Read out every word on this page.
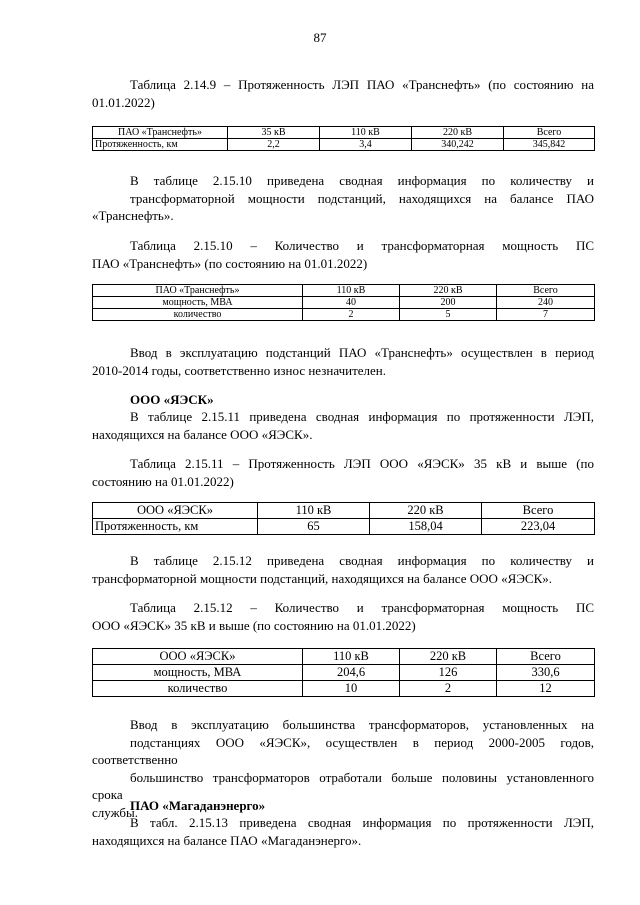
87
Таблица 2.14.9 – Протяженность ЛЭП ПАО «Транснефть» (по состоянию на
01.01.2022)
ПАО «Транснефть»	35 кВ	110 кВ	220 кВ	Всего
Протяженность, км	2,2	3,4	340,242	345,842
В таблице 2.15.10 приведена сводная информация по количеству и
трансформаторной мощности подстанций, находящихся на балансе ПАО
«Транснефть».
Таблица 2.15.10 – Количество и трансформаторная мощность ПС
ПАО «Транснефть» (по состоянию на 01.01.2022)
ПАО «Транснефть»	110 кВ	220 кВ	Всего
мощность, МВА	40	200	240
количество	2	5	7
Ввод в эксплуатацию подстанций ПАО «Транснефть» осуществлен в период
2010-2014 годы, соответственно износ незначителен.
ООО «ЯЭСК»
В таблице 2.15.11 приведена сводная информация по протяженности ЛЭП,
находящихся на балансе ООО «ЯЭСК».
Таблица 2.15.11 – Протяженность ЛЭП ООО «ЯЭСК» 35 кВ и выше (по
состоянию на 01.01.2022)
ООО «ЯЭСК»	110 кВ	220 кВ	Всего
Протяженность, км	65	158,04	223,04
В таблице 2.15.12 приведена сводная информация по количеству и
трансформаторной мощности подстанций, находящихся на балансе ООО «ЯЭСК».
Таблица 2.15.12 – Количество и трансформаторная мощность ПС
ООО «ЯЭСК» 35 кВ и выше (по состоянию на 01.01.2022)
ООО «ЯЭСК»	110 кВ	220 кВ	Всего
мощность, МВА	204,6	126	330,6
количество	10	2	12
Ввод в эксплуатацию большинства трансформаторов, установленных на
подстанциях ООО «ЯЭСК», осуществлен в период 2000-2005 годов, соответственно
большинство трансформаторов отработали больше половины установленного срока
службы.
ПАО «Магаданэнерго»
В табл. 2.15.13 приведена сводная информация по протяженности ЛЭП,
находящихся на балансе ПАО «Магаданэнерго».
